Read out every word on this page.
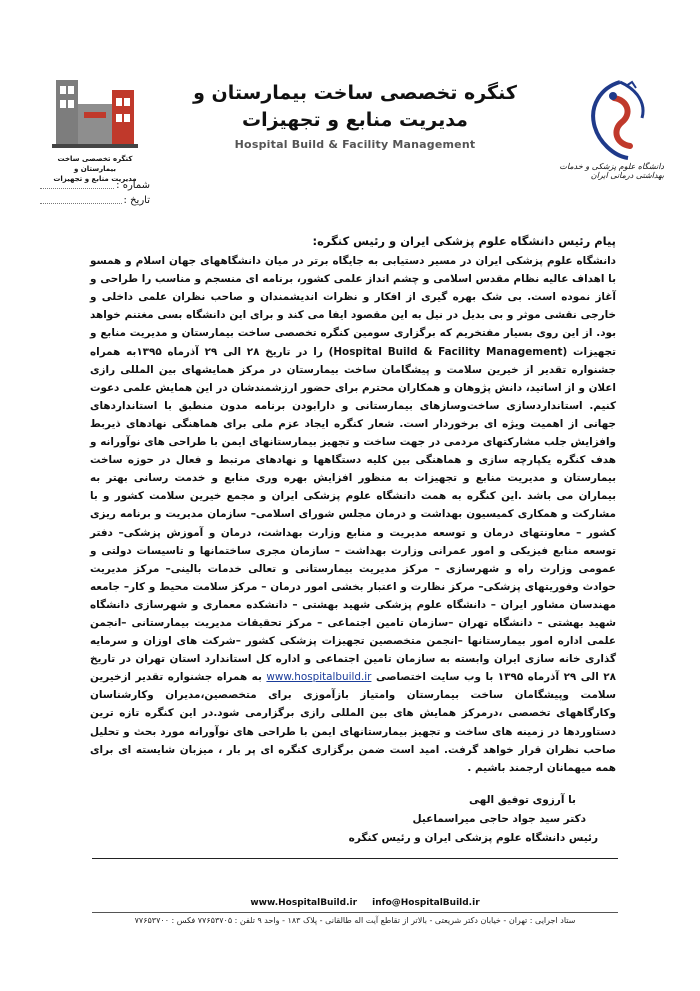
دانشگاه علوم پزشکی و خدمات بهداشتی درمانی ایران
کنگره تخصصی ساخت بیمارستان و
مدیریت منابع و تجهیزات
Hospital Build & Facility Management
کنگره تخصصی ساخت بیمارستان و
مدیریت منابع و تجهیزات
شماره :
تاریخ :
پیام رئیس دانشگاه علوم پزشکی ایران و رئیس کنگره:

دانشگاه علوم پزشکی ایران در مسیر دستیابی به جایگاه برتر در میان دانشگاههای جهان اسلام و همسو با اهداف عالیه نظام مقدس اسلامی و چشم انداز علمی کشور، برنامه ای منسجم و مناسب را طراحی و آغاز نموده است. بی شک بهره گیری از افکار و نظرات اندیشمندان و صاحب نظران علمی داخلی و خارجی نقشی موثر و بی بدیل در نیل به این مقصود ایفا می کند و برای این دانشگاه بسی مغتنم خواهد بود. از این روی بسیار مفتخریم که برگزاری سومین کنگره تخصصی ساخت بیمارستان و مدیریت منابع و تجهیزات (Hospital Build & Facility Management) را در تاریخ ۲۸ الی ۲۹ آذرماه ۱۳۹۵به همراه جشنواره تقدیر از خیرین سلامت و پیشگامان ساخت بیمارستان در مرکز همایشهای بین المللی رازی اعلان و از اساتید، دانش پژوهان و همکاران محترم برای حضور ارزشمندشان در این همایش علمی دعوت کنیم. استانداردسازی ساخت‌وسازهای بیمارستانی و دارابودن برنامه مدون منطبق با استانداردهای جهانی از اهمیت ویژه ای برخوردار است. شعار کنگره ایجاد عزم ملی برای هماهنگی نهادهای ذیربط وافزایش جلب مشارکتهای مردمی در جهت ساخت و تجهیز بیمارستانهای ایمن با طراحی های نوآورانه و هدف کنگره یکپارچه سازی و هماهنگی بین کلیه دستگاهها و نهادهای مرتبط و فعال در حوزه ساخت بیمارستان و مدیریت منابع و تجهیزات به منظور افزایش بهره وری منابع و خدمت رسانی بهتر به بیماران می باشد .این کنگره به همت دانشگاه علوم پزشکی ایران و مجمع خیرین سلامت کشور و با مشارکت و همکاری کمیسیون بهداشت و درمان مجلس شورای اسلامی– سازمان مدیریت و برنامه ریزی کشور – معاونتهای درمان و توسعه مدیریت و منابع وزارت بهداشت، درمان و آموزش پزشکی– دفتر توسعه منابع فیزیکی و امور عمرانی وزارت بهداشت – سازمان مجری ساختمانها و تاسیسات دولتی و عمومی وزارت راه و شهرسازی – مرکز مدیریت بیمارستانی و تعالی خدمات بالینی– مرکز مدیریت حوادث وفوریتهای پزشکی– مرکز نظارت و اعتبار بخشی امور درمان – مرکز سلامت محیط و کار– جامعه مهندسان مشاور ایران – دانشگاه علوم پزشکی شهید بهشتی – دانشکده معماری و شهرسازی دانشگاه شهید بهشتی – دانشگاه تهران –سازمان تامین اجتماعی – مرکز تحقیقات مدیریت بیمارستانی –انجمن علمی اداره امور بیمارستانها –انجمن متخصصین تجهیزات پزشکی کشور –شرکت های اوزان و سرمایه گذاری خانه سازی ایران وابسته به سازمان تامین اجتماعی و اداره کل استاندارد استان تهران در تاریخ ۲۸ الی ۲۹ آذرماه ۱۳۹۵ با وب سایت اختصاصی www.hospitalbuild.ir به همراه جشنواره تقدیر ازخیرین سلامت وپیشگامان ساخت بیمارستان وامتیاز بازآموزی برای متخصصین،مدیران وکارشناسان وکارگاههای تخصصی ،درمرکز همایش های بین المللی رازی برگزارمی شود.در این کنگره تازه ترین دستاوردها در زمینه های ساخت و تجهیز بیمارستانهای ایمن با طراحی های نوآورانه مورد بحث و تحلیل صاحب نظران قرار خواهد گرفت. امید است ضمن برگزاری کنگره ای پر بار ، میزبان شایسته ای برای همه میهمانان ارجمند باشیم .

با آرزوی توفیق الهی
دکتر سید جواد حاجی میراسماعیل
رئیس دانشگاه علوم پزشکی ایران و رئیس کنگره
www.HospitalBuild.ir info@HospitalBuild.ir
ستاد اجرایی : تهران - خیابان دکتر شریعتی - بالاتر از تقاطع آیت اله طالقانی - پلاک ۱۸۳ - واحد ۹ تلفن : ۷۷۶۵۳۷۰۵ فکس : ۷۷۶۵۳۷۰۰
